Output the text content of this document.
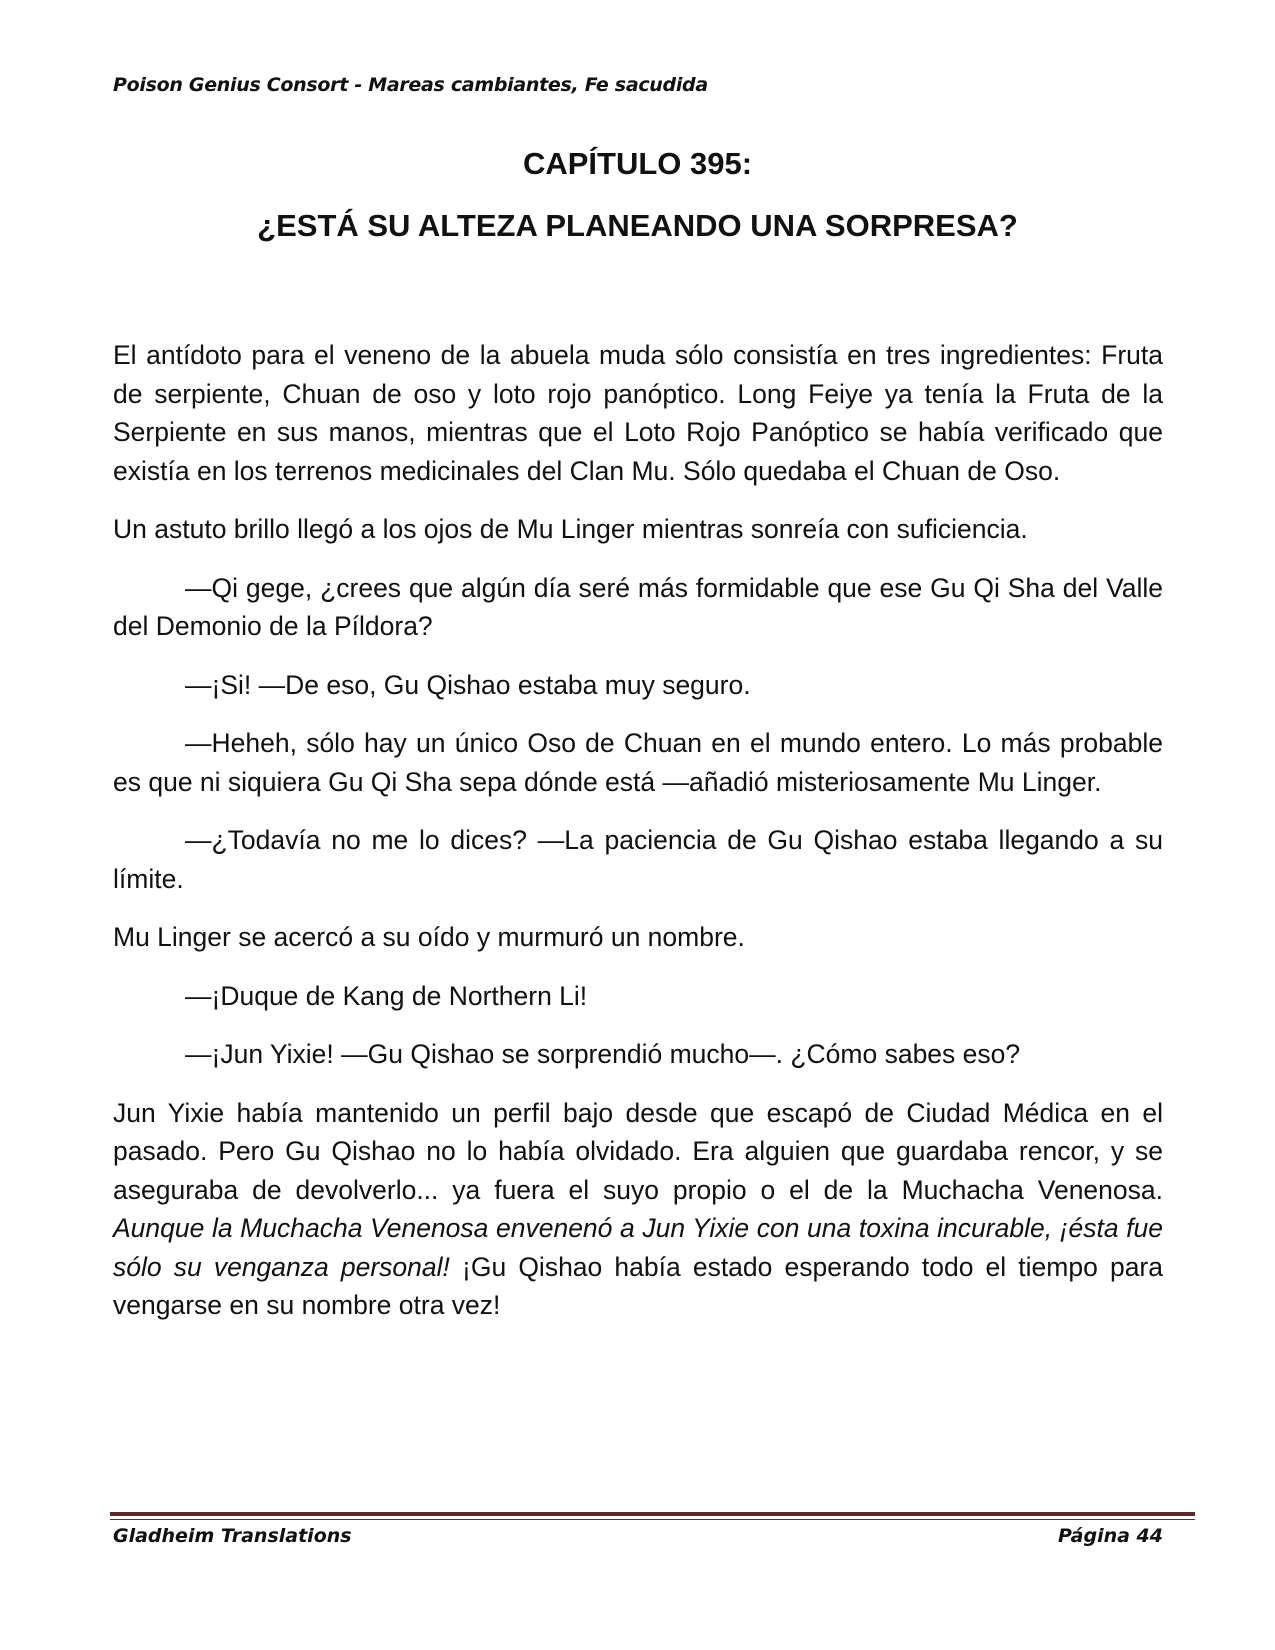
Poison Genius Consort - Mareas cambiantes, Fe sacudida
CAPÍTULO 395:
¿ESTÁ SU ALTEZA PLANEANDO UNA SORPRESA?

El antídoto para el veneno de la abuela muda sólo consistía en tres ingredientes: Fruta de serpiente, Chuan de oso y loto rojo panóptico. Long Feiye ya tenía la Fruta de la Serpiente en sus manos, mientras que el Loto Rojo Panóptico se había verificado que existía en los terrenos medicinales del Clan Mu. Sólo quedaba el Chuan de Oso.

Un astuto brillo llegó a los ojos de Mu Linger mientras sonreía con suficiencia.

—Qi gege, ¿crees que algún día seré más formidable que ese Gu Qi Sha del Valle del Demonio de la Píldora?

—¡Si! —De eso, Gu Qishao estaba muy seguro.

—Heheh, sólo hay un único Oso de Chuan en el mundo entero. Lo más probable es que ni siquiera Gu Qi Sha sepa dónde está —añadió misteriosamente Mu Linger.

—¿Todavía no me lo dices? —La paciencia de Gu Qishao estaba llegando a su límite.

Mu Linger se acercó a su oído y murmuró un nombre.

—¡Duque de Kang de Northern Li!

—¡Jun Yixie! —Gu Qishao se sorprendió mucho—. ¿Cómo sabes eso?

Jun Yixie había mantenido un perfil bajo desde que escapó de Ciudad Médica en el pasado. Pero Gu Qishao no lo había olvidado. Era alguien que guardaba rencor, y se aseguraba de devolverlo... ya fuera el suyo propio o el de la Muchacha Venenosa. Aunque la Muchacha Venenosa envenenó a Jun Yixie con una toxina incurable, ¡ésta fue sólo su venganza personal! ¡Gu Qishao había estado esperando todo el tiempo para vengarse en su nombre otra vez!

Gladheim Translations	Página 44
